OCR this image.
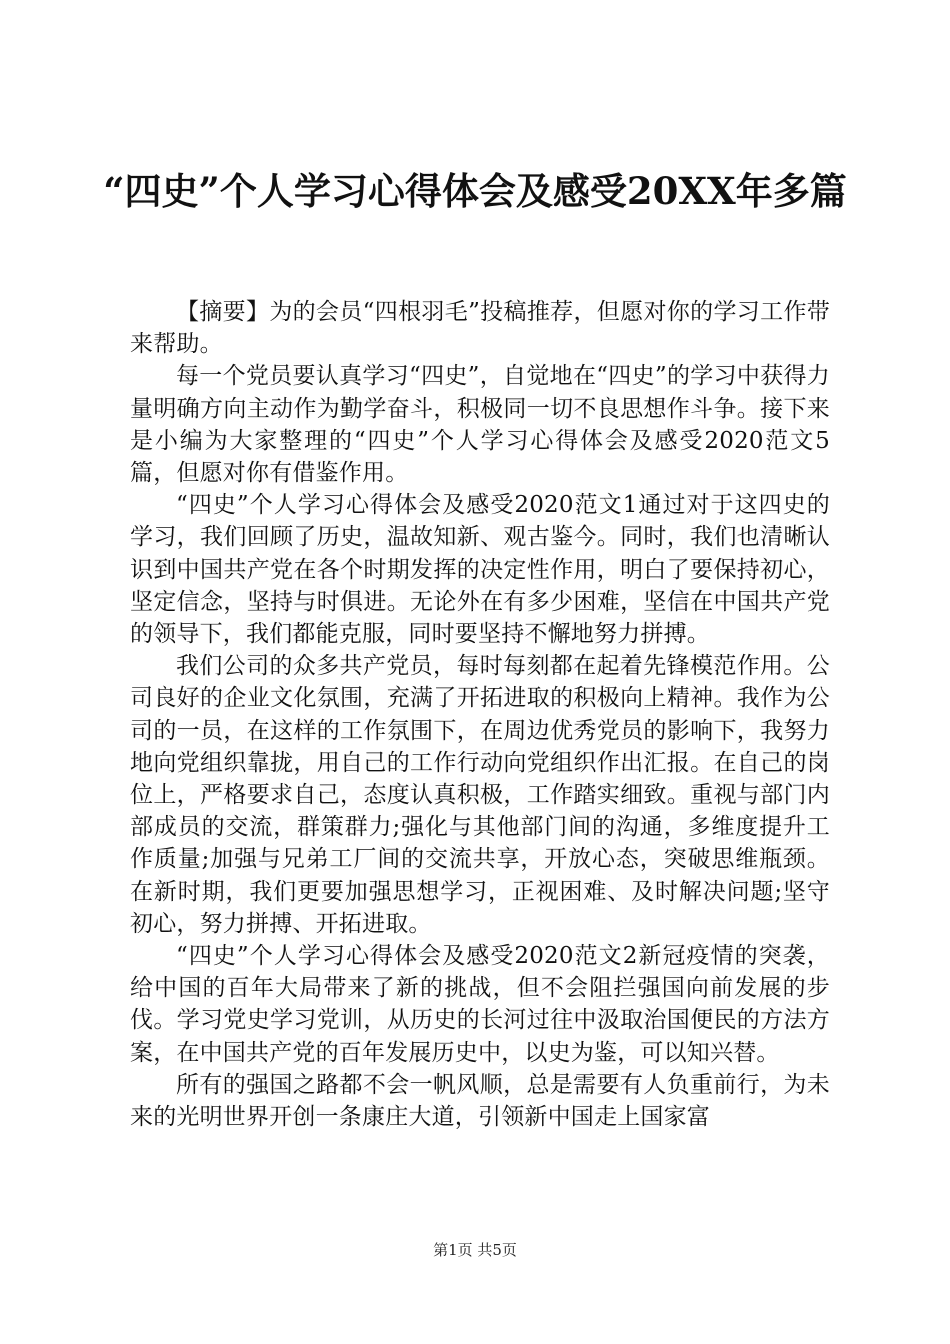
“四史”个人学习心得体会及感受20XX年多篇

【摘要】为的会员“四根羽毛”投稿推荐，但愿对你的学习工作带来帮助。

每一个党员要认真学习“四史”，自觉地在“四史”的学习中获得力量明确方向主动作为勤学奋斗，积极同一切不良思想作斗争。接下来是小编为大家整理的“四史”个人学习心得体会及感受2020范文5篇，但愿对你有借鉴作用。

“四史”个人学习心得体会及感受2020范文1通过对于这四史的学习，我们回顾了历史，温故知新、观古鉴今。同时，我们也清晰认识到中国共产党在各个时期发挥的决定性作用，明白了要保持初心，坚定信念，坚持与时俱进。无论外在有多少困难，坚信在中国共产党的领导下，我们都能克服，同时要坚持不懈地努力拼搏。

我们公司的众多共产党员，每时每刻都在起着先锋模范作用。公司良好的企业文化氛围，充满了开拓进取的积极向上精神。我作为公司的一员，在这样的工作氛围下，在周边优秀党员的影响下，我努力地向党组织靠拢，用自己的工作行动向党组织作出汇报。在自己的岗位上，严格要求自己，态度认真积极，工作踏实细致。重视与部门内部成员的交流，群策群力;强化与其他部门间的沟通，多维度提升工作质量;加强与兄弟工厂间的交流共享，开放心态，突破思维瓶颈。在新时期，我们更要加强思想学习，正视困难、及时解决问题;坚守初心，努力拼搏、开拓进取。

“四史”个人学习心得体会及感受2020范文2新冠疫情的突袭，给中国的百年大局带来了新的挑战，但不会阻拦强国向前发展的步伐。学习党史学习党训，从历史的长河过往中汲取治国便民的方法方案，在中国共产党的百年发展历史中，以史为鉴，可以知兴替。

所有的强国之路都不会一帆风顺，总是需要有人负重前行，为未来的光明世界开创一条康庄大道，引领新中国走上国家富

第1页 共5页
